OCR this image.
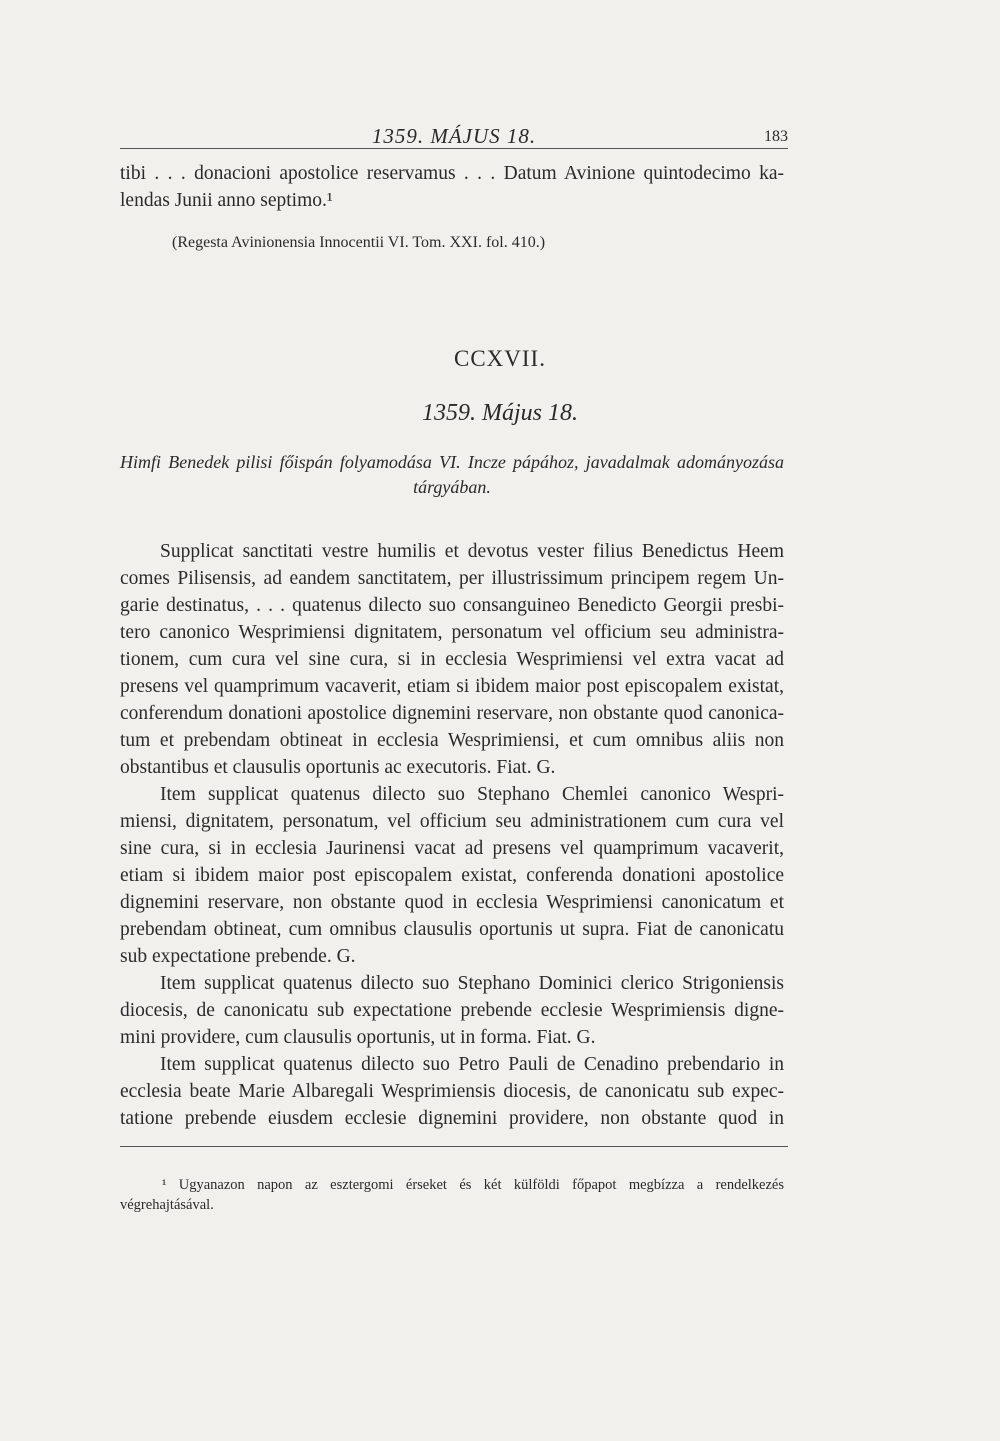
1359. MÁJUS 18.	183
tibi . . . donacioni apostolice reservamus . . . Datum Avinione quintodecimo ka-
lendas Junii anno septimo.¹
(Regesta Avinionensia Innocentii VI. Tom. XXI. fol. 410.)
CCXVII.
1359. Május 18.
Himfi Benedek pilisi főispán folyamodása VI. Incze pápához, javadalmak adományozása
tárgyában.
Supplicat sanctitati vestre humilis et devotus vester filius Benedictus Heem
comes Pilisensis, ad eandem sanctitatem, per illustrissimum principem regem Un-
garie destinatus, . . . quatenus dilecto suo consanguineo Benedicto Georgii presbi-
tero canonico Wesprimiensi dignitatem, personatum vel officium seu administra-
tionem, cum cura vel sine cura, si in ecclesia Wesprimiensi vel extra vacat ad
presens vel quamprimum vacaverit, etiam si ibidem maior post episcopalem existat,
conferendum donationi apostolice dignemini reservare, non obstante quod canonica-
tum et prebendam obtineat in ecclesia Wesprimiensi, et cum omnibus aliis non
obstantibus et clausulis oportunis ac executoris. Fiat. G.
Item supplicat quatenus dilecto suo Stephano Chemlei canonico Wespri-
miensi, dignitatem, personatum, vel officium seu administrationem cum cura vel
sine cura, si in ecclesia Jaurinensi vacat ad presens vel quamprimum vacaverit,
etiam si ibidem maior post episcopalem existat, conferenda donationi apostolice
dignemini reservare, non obstante quod in ecclesia Wesprimiensi canonicatum et
prebendam obtineat, cum omnibus clausulis oportunis ut supra. Fiat de canonicatu
sub expectatione prebende. G.
Item supplicat quatenus dilecto suo Stephano Dominici clerico Strigoniensis
diocesis, de canonicatu sub expectatione prebende ecclesie Wesprimiensis digne-
mini providere, cum clausulis oportunis, ut in forma. Fiat. G.
Item supplicat quatenus dilecto suo Petro Pauli de Cenadino prebendario in
ecclesia beate Marie Albaregali Wesprimiensis diocesis, de canonicatu sub expec-
tatione prebende eiusdem ecclesie dignemini providere, non obstante quod in
¹ Ugyanazon napon az esztergomi érseket és két külföldi főpapot megbízza a rendelkezés
végrehajtásával.
